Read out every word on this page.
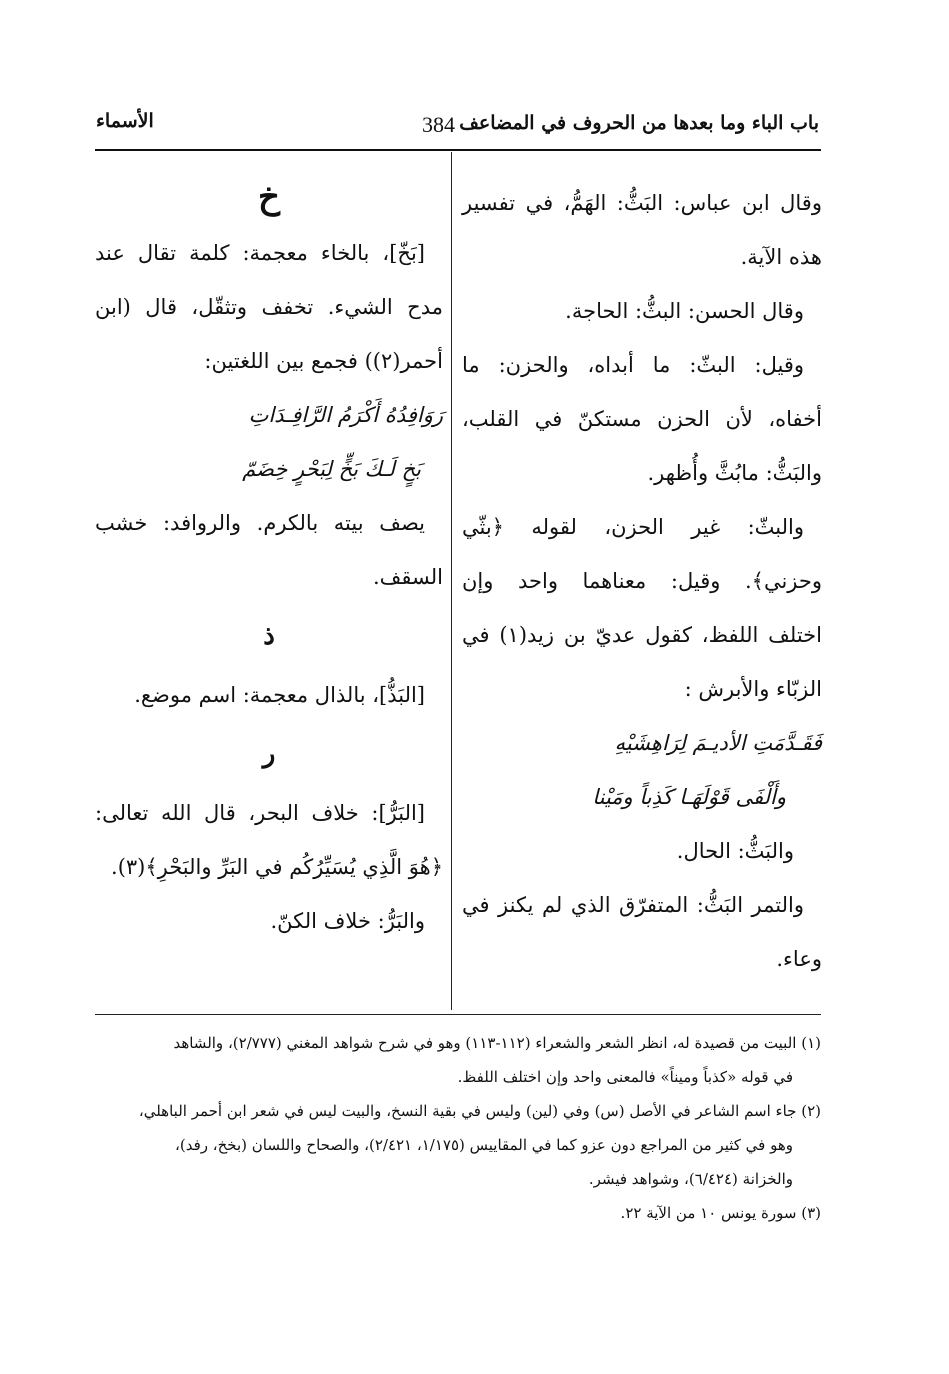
باب الباء وما بعدها من الحروف في المضاعف
384
الأسماء
وقال ابن عباس: البَثُّ: الهَمُّ، في تفسير
هذه الآية.
وقال الحسن: البثُّ: الحاجة.
وقيل: البثّ: ما أبداه، والحزن: ما
أخفاه، لأن الحزن مستكنّ في القلب،
والبَثُّ: مابُثَّ وأُظهر.
والبثّ: غير الحزن، لقوله ﴿بثّي
وحزني﴾. وقيل: معناهما واحد وإن
اختلف اللفظ، كقول عديّ بن زيد(١) في
الزبّاء والأبرش :
فَقَـدَّمَتِ الأديـمَ لِرَاهِشَيْهِ
وأَلْفَى قَوْلَهَـا كَذِباً ومَيْنا
والبَثُّ: الحال.
والتمر البَثُّ: المتفرّق الذي لم يكنز في
وعاء.
خ
[بَخّ]، بالخاء معجمة: كلمة تقال عند
مدح الشيء. تخفف وتثقّل، قال (ابن
أحمر(٢)) فجمع بين اللغتين:
رَوَافِدُهُ أَكْرَمُ الرَّافِـدَاتِ
بَخٍ لَـكَ بَخٍّ لِبَحْرٍ خِضَمّ
يصف بيته بالكرم. والروافد: خشب
السقف.
ذ
[البَذُّ]، بالذال معجمة: اسم موضع.
ر
[البَرُّ]: خلاف البحر، قال الله تعالى:
﴿هُوَ الَّذِي يُسَيِّرُكُم في البَرِّ والبَحْرِ﴾(٣).
والبَرُّ: خلاف الكنّ.
(١) البيت من قصيدة له، انظر الشعر والشعراء (١١٢-١١٣) وهو في شرح شواهد المغني (٢/٧٧٧)، والشاهد
في قوله «كذباً وميناً» فالمعنى واحد وإن اختلف اللفظ.
(٢) جاء اسم الشاعر في الأصل (س) وفي (لين) وليس في بقية النسخ، والبيت ليس في شعر ابن أحمر الباهلي،
وهو في كثير من المراجع دون عزو كما في المقاييس (١/١٧٥، ٢/٤٢١)، والصحاح واللسان (بخخ، رفد)،
والخزانة (٦/٤٢٤)، وشواهد فيشر.
(٣) سورة يونس ١٠ من الآية ٢٢.
